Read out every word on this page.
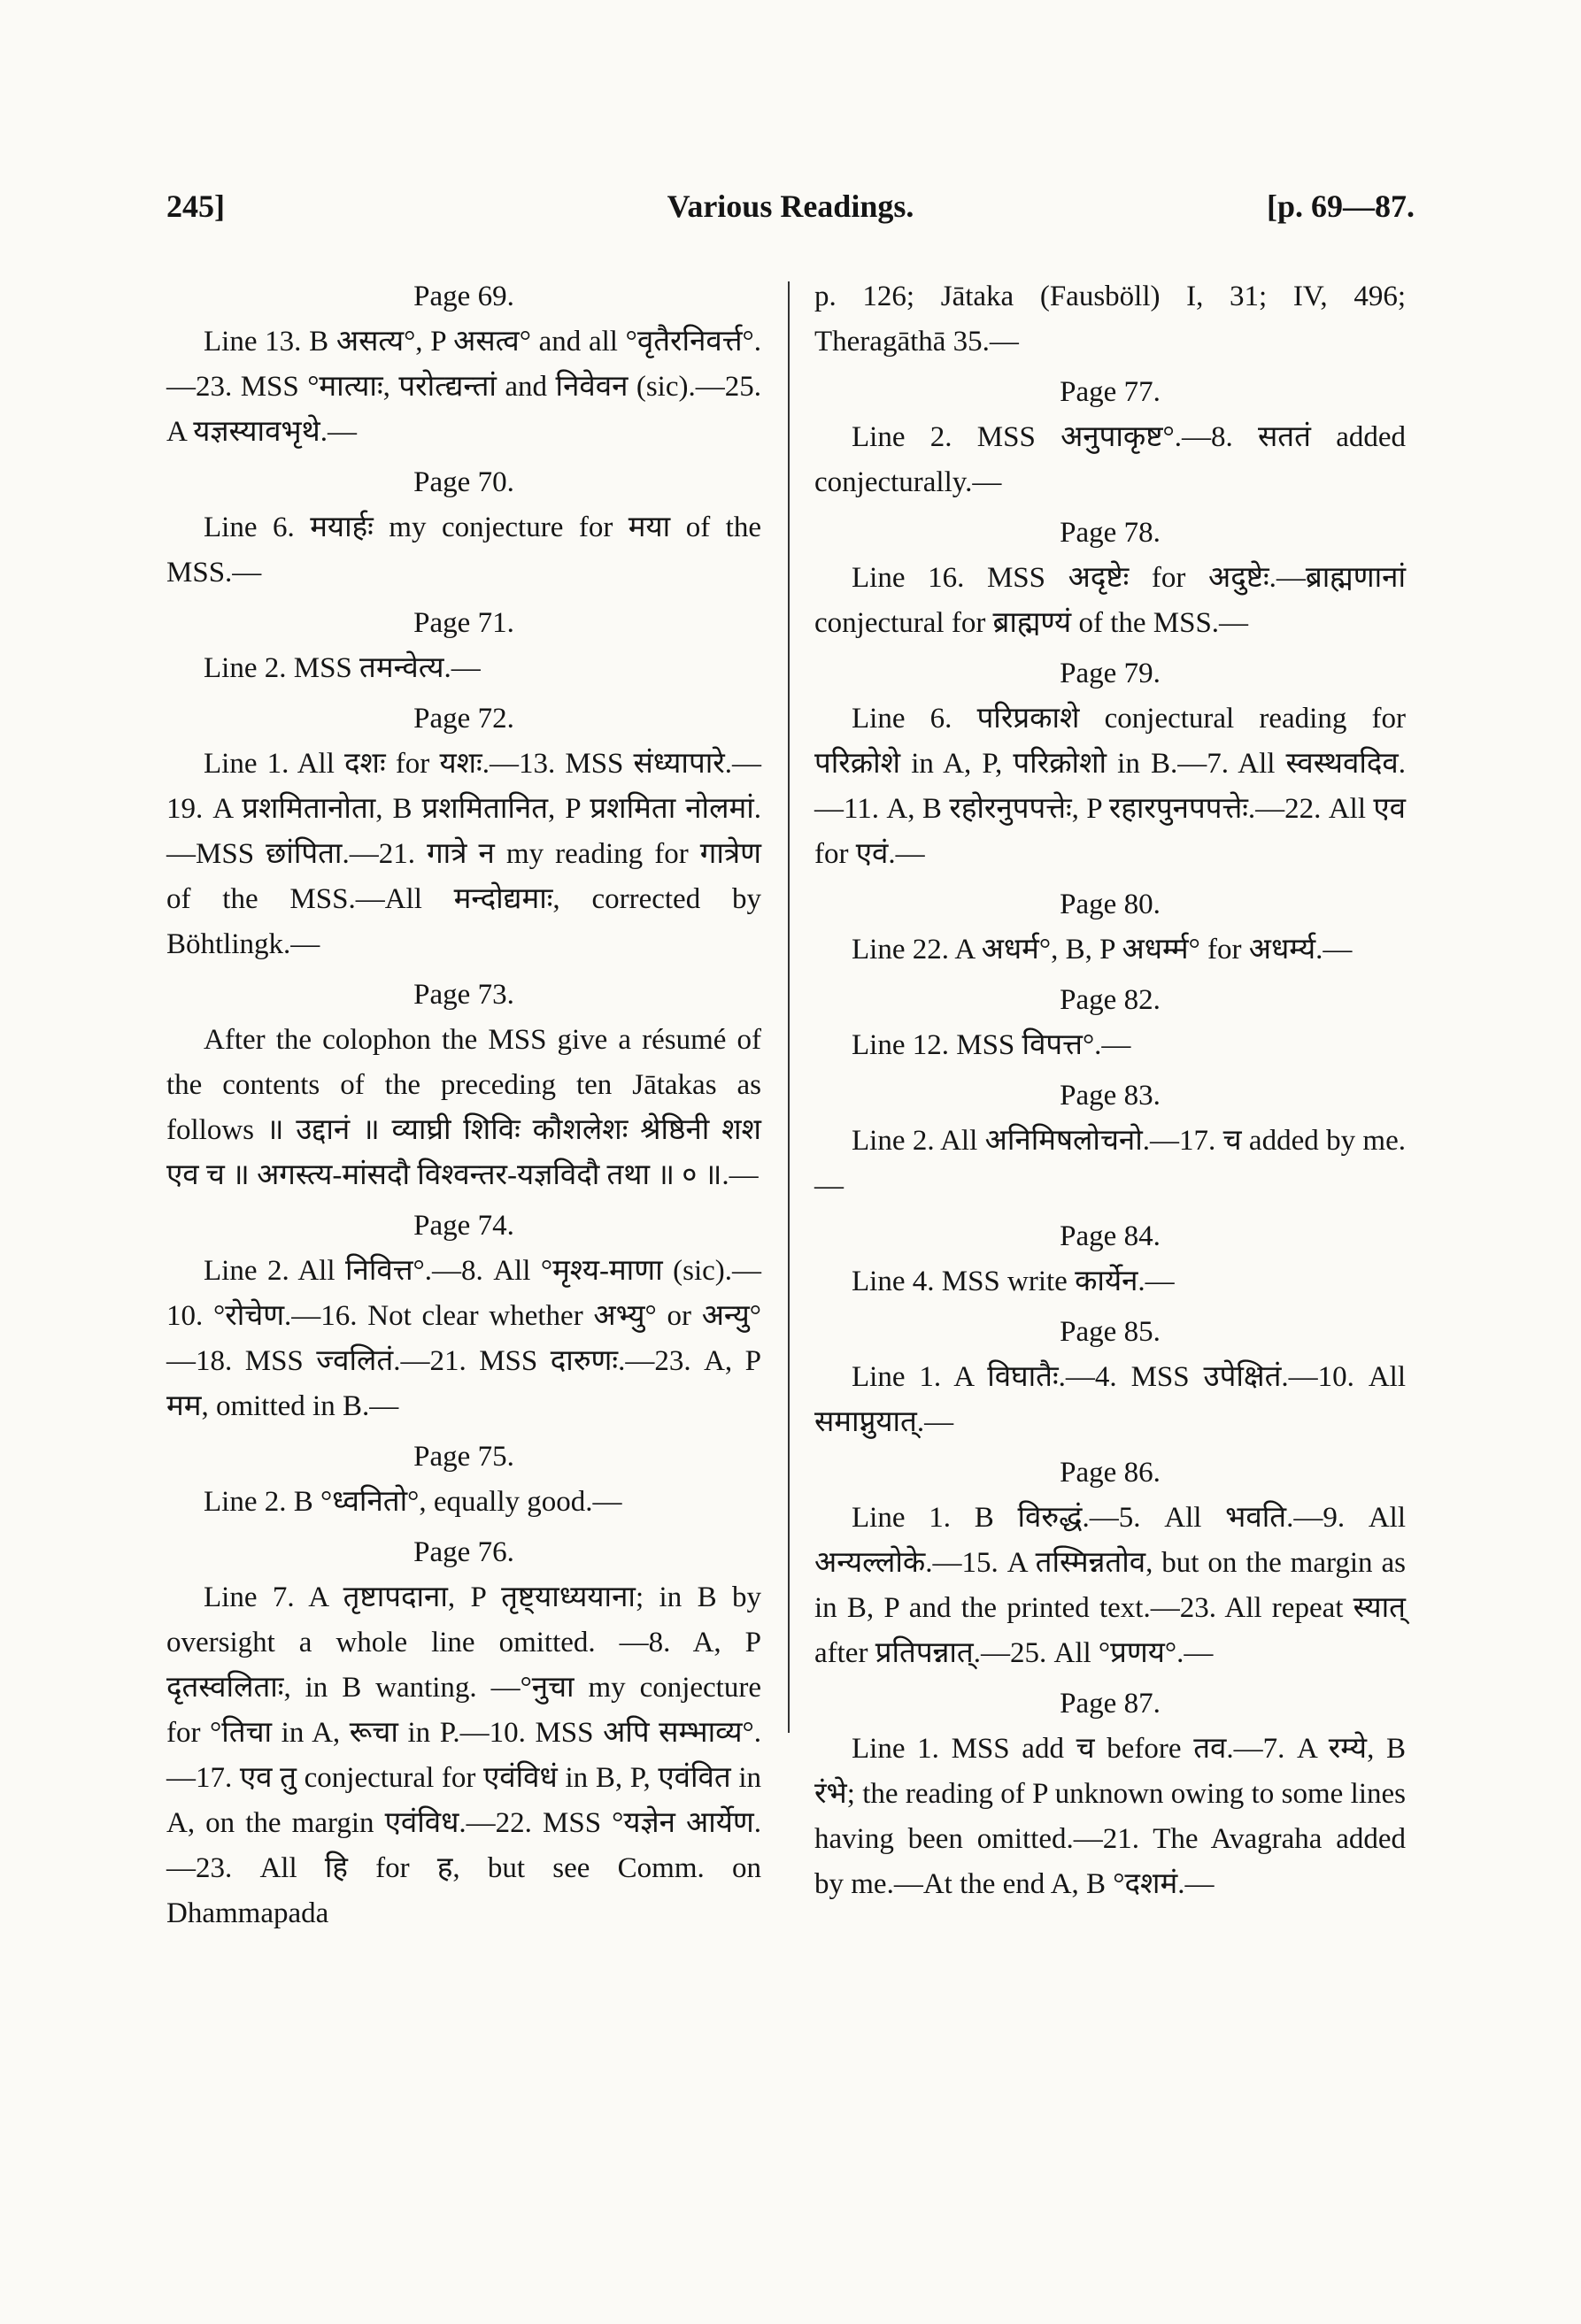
245]	Various Readings.	[p. 69—87.

Page 69.

Line 13. B असत्य°, P असत्व° and all °वृतैरनिवर्त्त°.—23. MSS °मात्याः, परोत्द्यन्तां and निवेवन (sic).—25. A यज्ञस्यावभृथे.—

Page 70.

Line 6. मयार्हः my conjecture for मया of the MSS.—

Page 71.

Line 2. MSS तमन्वेत्य.—

Page 72.

Line 1. All दशः for यशः.—13. MSS संध्यापारे.—19. A प्रशमितानोता, B प्रशमितानित, P प्रशमिता नोलमां.—MSS छांपिता.—21. गात्रे न my reading for गात्रेण of the MSS.—All मन्दोद्यमाः, corrected by Böhtlingk.—

Page 73.

After the colophon the MSS give a résumé of the contents of the preceding ten Jātakas as follows ॥ उद्दानं ॥ व्याघ्री शिविः कौशलेशः श्रेष्ठिनी शश एव च ॥ अगस्त्य-मांसदौ विश्वन्तर-यज्ञविदौ तथा ॥ ० ॥.—

Page 74.

Line 2. All निवित्त°.—8. All °मृश्य-माणा (sic).—10. °रोचेण.—16. Not clear whether अभ्यु° or अन्यु° —18. MSS ज्वलितं.—21. MSS दारुणः.—23. A, P मम, omitted in B.—

Page 75.

Line 2. B °ध्वनितो°, equally good.—

Page 76.

Line 7. A तृष्टापदाना, P तृष्ट्याध्ययाना; in B by oversight a whole line omitted. —8. A, P दृतस्वलिताः, in B wanting. —°नुचा my conjecture for °तिचा in A, रूचा in P.—10. MSS अपि सम्भाव्य°.—17. एव तु conjectural for एवंविधं in B, P, एवंवित in A, on the margin एवंविध.—22. MSS °यज्ञेन आर्येण.—23. All हि for ह, but see Comm. on Dhammapada

p. 126; Jātaka (Fausböll) I, 31; IV, 496; Theragāthā 35.—

Page 77.

Line 2. MSS अनुपाकृष्ट°.—8. सततं added conjecturally.—

Page 78.

Line 16. MSS अदृष्टेः for अदुष्टेः.—ब्राह्मणानां conjectural for ब्राह्मण्यं of the MSS.—

Page 79.

Line 6. परिप्रकाशे conjectural reading for परिक्रोशे in A, P, परिक्रोशो in B.—7. All स्वस्थवदिव.—11. A, B रहोरनुपपत्तेः, P रहारपुनपपत्तेः.—22. All एव for एवं.—

Page 80.

Line 22. A अधर्म°, B, P अधर्म्म° for अधर्म्य.—

Page 82.

Line 12. MSS विपत्त°.—

Page 83.

Line 2. All अनिमिषलोचनो.—17. च added by me.—

Page 84.

Line 4. MSS write कार्येन.—

Page 85.

Line 1. A विघातैः.—4. MSS उपेक्षितं.—10. All समाप्नुयात्.—

Page 86.

Line 1. B विरुद्धं.—5. All भवति.—9. All अन्यल्लोके.—15. A तस्मिन्नतोव, but on the margin as in B, P and the printed text.—23. All repeat स्यात् after प्रतिपन्नात्.—25. All °प्रणय°.—

Page 87.

Line 1. MSS add च before तव.—7. A रम्ये, B रंभे; the reading of P unknown owing to some lines having been omitted.—21. The Avagraha added by me.—At the end A, B °दशमं.—
